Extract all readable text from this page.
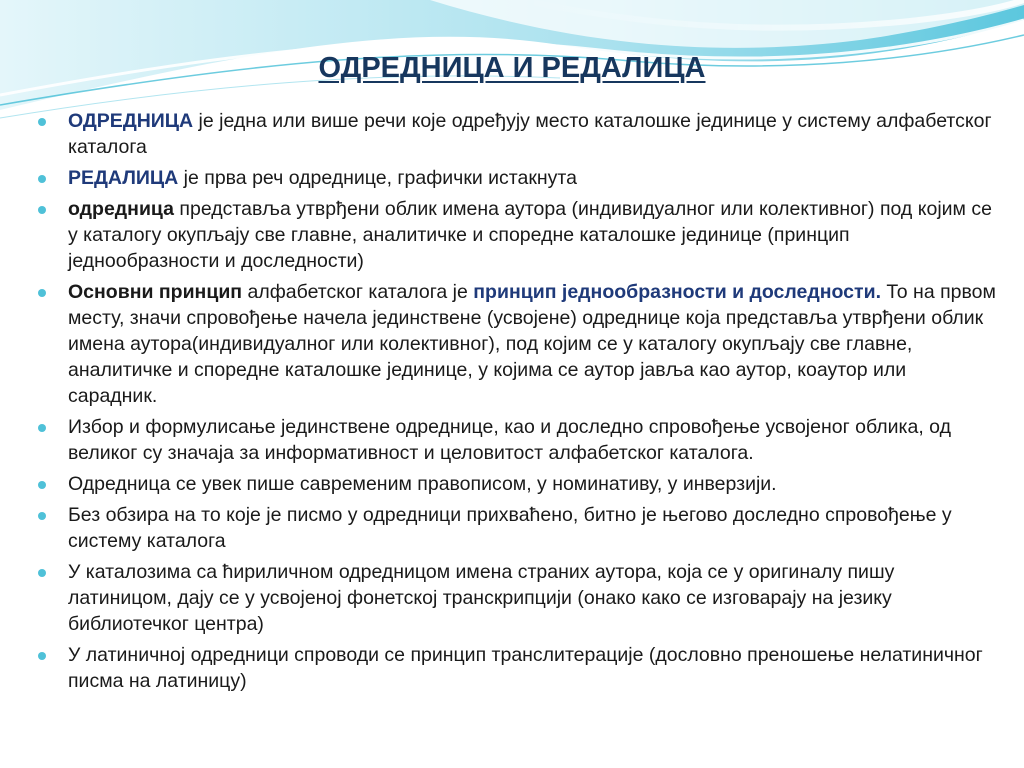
ОДРЕДНИЦА И РЕДАЛИЦА
ОДРЕДНИЦА је једна или више речи које одређују место каталошке јединице у систему алфабетског каталога
РЕДАЛИЦА је прва реч одреднице, графички истакнута
одредница представља утврђени облик имена аутора (индивидуалног или колективног) под којим се у каталогу окупљају све главне, аналитичке и споредне каталошке јединице (принцип једнообразности и доследности)
Основни принцип алфабетског каталога је принцип једнообразности и доследности. То на првом месту, значи спровођење начела јединствене (усвојене) одреднице која представља утврђени облик имена аутора(индивидуалног или колективног), под којим се у каталогу окупљају све главне, аналитичке и споредне каталошке јединице, у којима се аутор јавља као аутор, коаутор или сарадник.
Избор и формулисање јединствене одреднице, као и доследно спровођење усвојеног облика, од великог су значаја за информативност и целовитост алфабетског каталога.
Одредница се увек пише савременим правописом, у номинативу, у инверзији.
Без обзира на то које је писмо у одредници прихваћено, битно је његово доследно спровођење у систему каталога
У каталозима са ћириличном одредницом имена страних аутора, која се у оригиналу пишу латиницом, дају се у усвојеној фонетској транскрипцији (онако како се изговарају на језику библиотечког центра)
У латиничној одредници спроводи се принцип транслитерације (дословно преношење нелатиничног писма на латиницу)
